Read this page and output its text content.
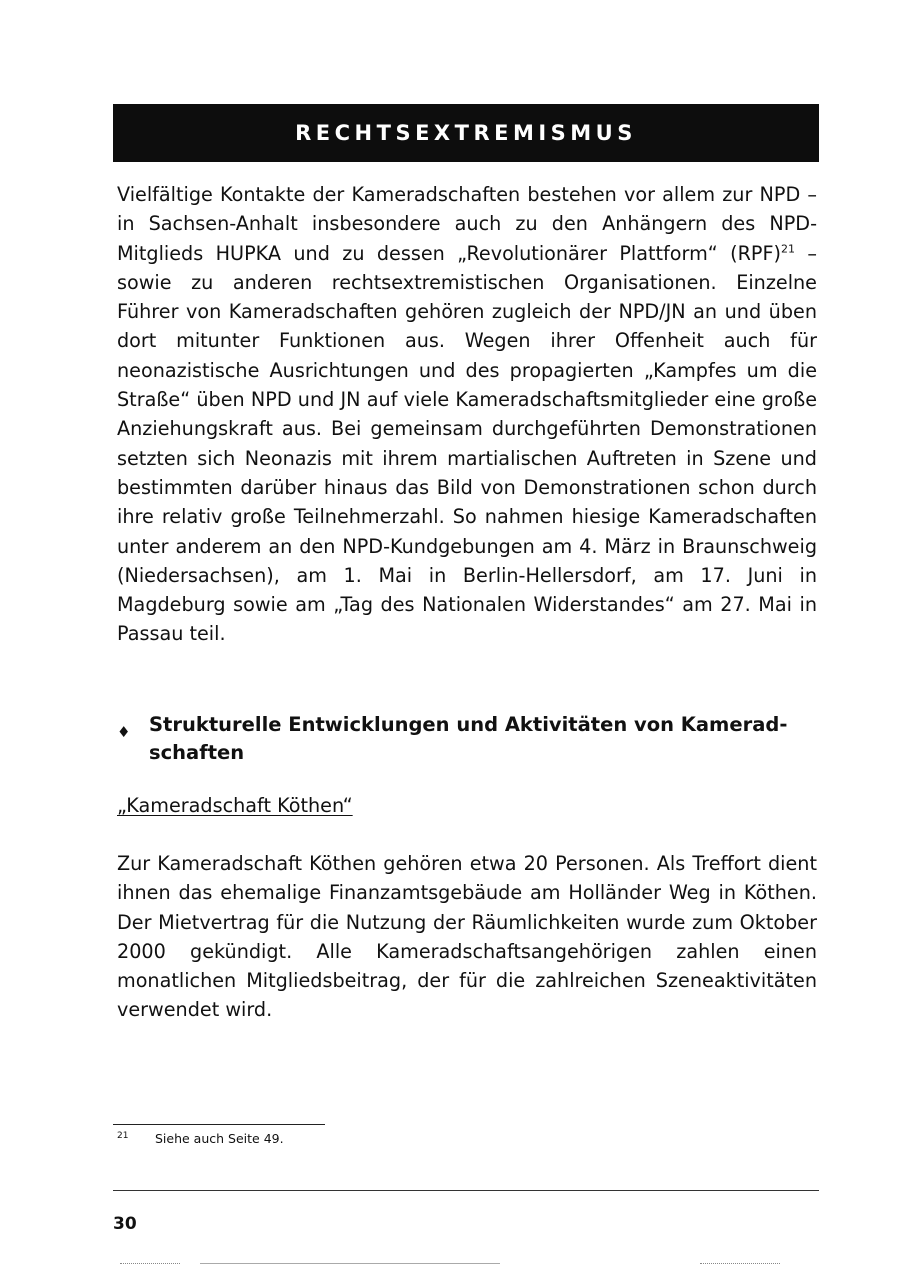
RECHTSEXTREMISMUS

Vielfältige Kontakte der Kameradschaften bestehen vor allem zur NPD – in Sachsen-Anhalt insbesondere auch zu den Anhängern des NPD-Mitglieds HUPKA und zu dessen „Revolutionärer Plattform“ (RPF)$^{21}$ – sowie zu anderen rechtsextremistischen Organisationen. Einzelne Führer von Kameradschaften gehören zugleich der NPD/JN an und üben dort mitunter Funktionen aus. Wegen ihrer Offenheit auch für neonazistische Ausrichtungen und des propagierten „Kampfes um die Straße“ üben NPD und JN auf viele Kameradschaftsmitglieder eine große Anziehungskraft aus. Bei gemeinsam durchgeführten Demonstrationen setzten sich Neonazis mit ihrem martialischen Auftreten in Szene und bestimmten darüber hinaus das Bild von Demonstrationen schon durch ihre relativ große Teilnehmerzahl. So nahmen hiesige Kameradschaften unter anderem an den NPD-Kundgebungen am 4. März in Braunschweig (Niedersachsen), am 1. Mai in Berlin-Hellersdorf, am 17. Juni in Magdeburg sowie am „Tag des Nationalen Widerstandes“ am 27. Mai in Passau teil.

♦ Strukturelle Entwicklungen und Aktivitäten von Kameradschaften

„Kameradschaft Köthen“

Zur Kameradschaft Köthen gehören etwa 20 Personen. Als Treffort dient ihnen das ehemalige Finanzamtsgebäude am Holländer Weg in Köthen. Der Mietvertrag für die Nutzung der Räumlichkeiten wurde zum Oktober 2000 gekündigt. Alle Kameradschaftsangehörigen zahlen einen monatlichen Mitgliedsbeitrag, der für die zahlreichen Szeneaktivitäten verwendet wird.

21 Siehe auch Seite 49.
30
